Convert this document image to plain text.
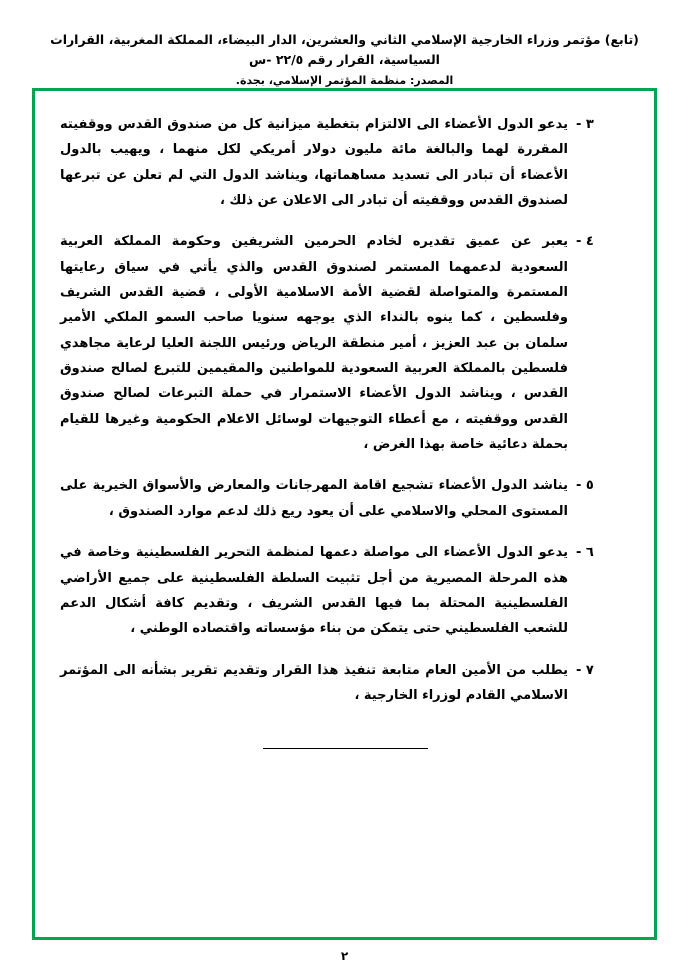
(تابع) مؤتمر وزراء الخارجية الإسلامي الثاني والعشرين، الدار البيضاء، المملكة المغربية، القرارات السياسية، القرار رقم ٢٢/٥ -س
المصدر: منظمة المؤتمر الإسلامي، بجدة.
٣ -
يدعو الدول الأعضاء الى الالتزام بتغطية ميزانية كل من صندوق القدس ووقفيته المقررة لهما والبالغة مائة مليون دولار أمريكي لكل منهما ، ويهيب بالدول الأعضاء أن تبادر الى تسديد مساهماتها، ويناشد الدول التي لم تعلن عن تبرعها لصندوق القدس ووقفيته أن تبادر الى الاعلان عن ذلك ،
٤ -
يعبر عن عميق تقديره لخادم الحرمين الشريفين وحكومة المملكة العربية السعودية لدعمهما المستمر لصندوق القدس والذي يأتي في سياق رعايتها المستمرة والمتواصلة لقضية الأمة الاسلامية الأولى ، قضية القدس الشريف وفلسطين ، كما ينوه بالنداء الذي يوجهه سنويا صاحب السمو الملكي الأمير سلمان بن عبد العزيز ، أمير منطقة الرياض ورئيس اللجنة العليا لرعاية مجاهدي فلسطين بالمملكة العربية السعودية للمواطنين والمقيمين للتبرع لصالح صندوق القدس ، ويناشد الدول الأعضاء الاستمرار في حملة التبرعات لصالح صندوق القدس ووقفيته ، مع أعطاء التوجيهات لوسائل الاعلام الحكومية وغيرها للقيام بحملة دعائية خاصة بهذا الغرض ،
٥ -
يناشد الدول الأعضاء تشجيع اقامة المهرجانات والمعارض والأسواق الخيرية على المستوى المحلي والاسلامي على أن يعود ريع ذلك لدعم موارد الصندوق ،
٦ -
يدعو الدول الأعضاء الى مواصلة دعمها لمنظمة التحرير الفلسطينية وخاصة في هذه المرحلة المصيرية من أجل تثبيت السلطة الفلسطينية على جميع الأراضي الفلسطينية المحتلة بما فيها القدس الشريف ، وتقديم كافة أشكال الدعم للشعب الفلسطيني حتى يتمكن من بناء مؤسساته واقتصاده الوطني ،
٧ -
يطلب من الأمين العام متابعة تنفيذ هذا القرار وتقديم تقرير بشأنه الى المؤتمر الاسلامي القادم لوزراء الخارجية ،
٢
